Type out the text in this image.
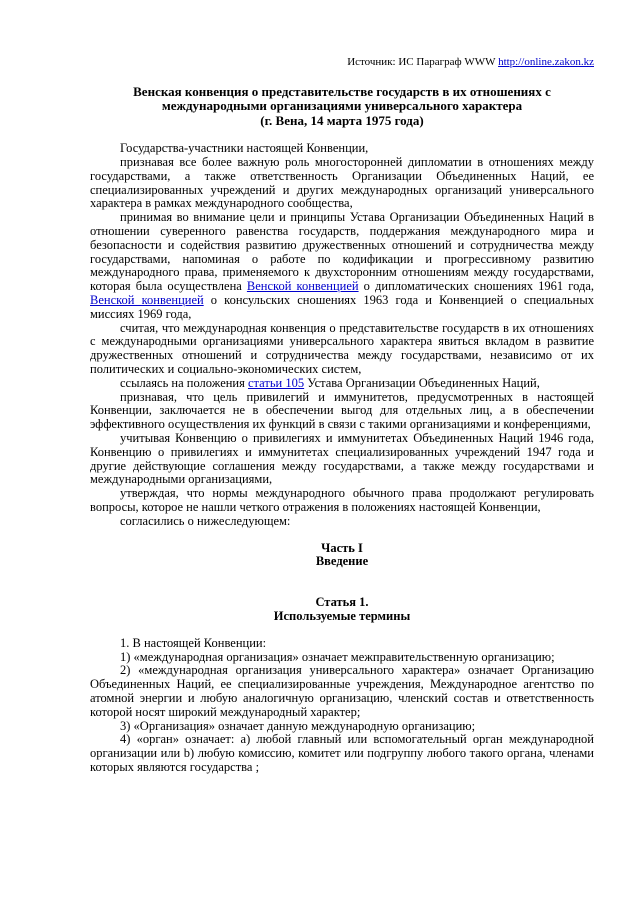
Источник: ИС Параграф WWW http://online.zakon.kz
Венская конвенция о представительстве государств в их отношениях с международными организациями универсального характера
(г. Вена, 14 марта 1975 года)

Государства-участники настоящей Конвенции,

признавая все более важную роль многосторонней дипломатии в отношениях между государствами, а также ответственность Организации Объединенных Наций, ее специализированных учреждений и других международных организаций универсального характера в рамках международного сообщества,

принимая во внимание цели и принципы Устава Организации Объединенных Наций в отношении суверенного равенства государств, поддержания международного мира и безопасности и содействия развитию дружественных отношений и сотрудничества между государствами, напоминая о работе по кодификации и прогрессивному развитию международного права, применяемого к двухсторонним отношениям между государствами, которая была осуществлена Венской конвенцией о дипломатических сношениях 1961 года, Венской конвенцией о консульских сношениях 1963 года и Конвенцией о специальных миссиях 1969 года,

считая, что международная конвенция о представительстве государств в их отношениях с международными организациями универсального характера явиться вкладом в развитие дружественных отношений и сотрудничества между государствами, независимо от их политических и социально-экономических систем,

ссылаясь на положения статьи 105 Устава Организации Объединенных Наций,

признавая, что цель привилегий и иммунитетов, предусмотренных в настоящей Конвенции, заключается не в обеспечении выгод для отдельных лиц, а в обеспечении эффективного осуществления их функций в связи с такими организациями и конференциями,

учитывая Конвенцию о привилегиях и иммунитетах Объединенных Наций 1946 года, Конвенцию о привилегиях и иммунитетах специализированных учреждений 1947 года и другие действующие соглашения между государствами, а также между государствами и международными организациями,

утверждая, что нормы международного обычного права продолжают регулировать вопросы, которое не нашли четкого отражения в положениях настоящей Конвенции,

согласились о нижеследующем:

Часть I

Введение

Статья 1.

Используемые термины

1. В настоящей Конвенции:

1) «международная организация» означает межправительственную организацию;

2) «международная организация универсального характера» означает Организацию Объединенных Наций, ее специализированные учреждения, Международное агентство по атомной энергии и любую аналогичную организацию, членский состав и ответственность которой носят широкий международный характер;

3) «Организация» означает данную международную организацию;

4) «орган» означает: a) любой главный или вспомогательный орган международной организации или b) любую комиссию, комитет или подгруппу любого такого органа, членами которых являются государства ;
